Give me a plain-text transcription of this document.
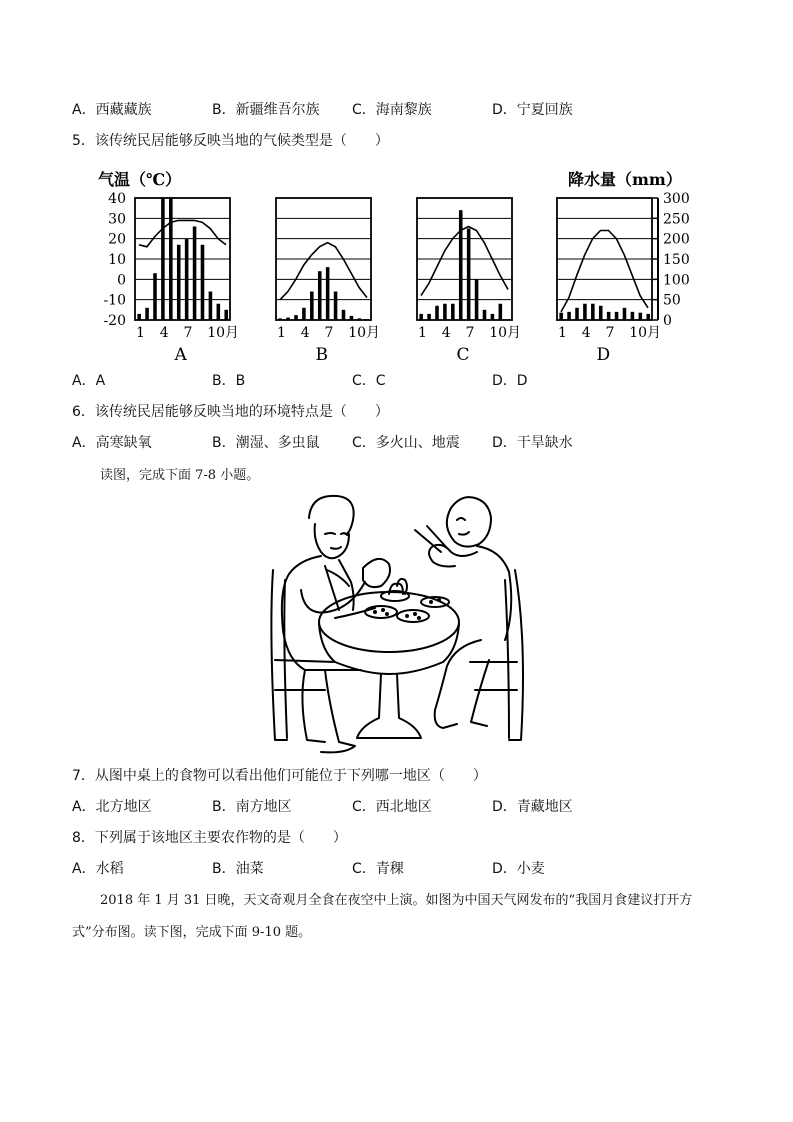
A．西藏藏族	B．新疆维吾尔族 C．海南黎族	D．宁夏回族
5．该传统民居能够反映当地的气候类型是（　　）
气温（℃）	降水量（mm）
40
30
20
10
0
-10
-20
300
250
200
150
100
50
0
1 4 7 10月
A
1 4 7 10月
B
1 4 7 10月
C
1 4 7 10月
D
A．A	B．B	C．C	D．D
6．该传统民居能够反映当地的环境特点是（　　）
A．高寒缺氧	B．潮湿、多虫鼠 C．多火山、地震 D．干旱缺水
读图，完成下面 7-8 小题。
7．从图中桌上的食物可以看出他们可能位于下列哪一地区（　　）
A．北方地区	B．南方地区	C．西北地区	D．青藏地区
8．下列属于该地区主要农作物的是（　　）
A．水稻	B．油菜	C．青稞	D．小麦
2018 年 1 月 31 日晚，天文奇观月全食在夜空中上演。如图为中国天气网发布的“我国月食建议打开方
式”分布图。读下图，完成下面 9-10 题。
